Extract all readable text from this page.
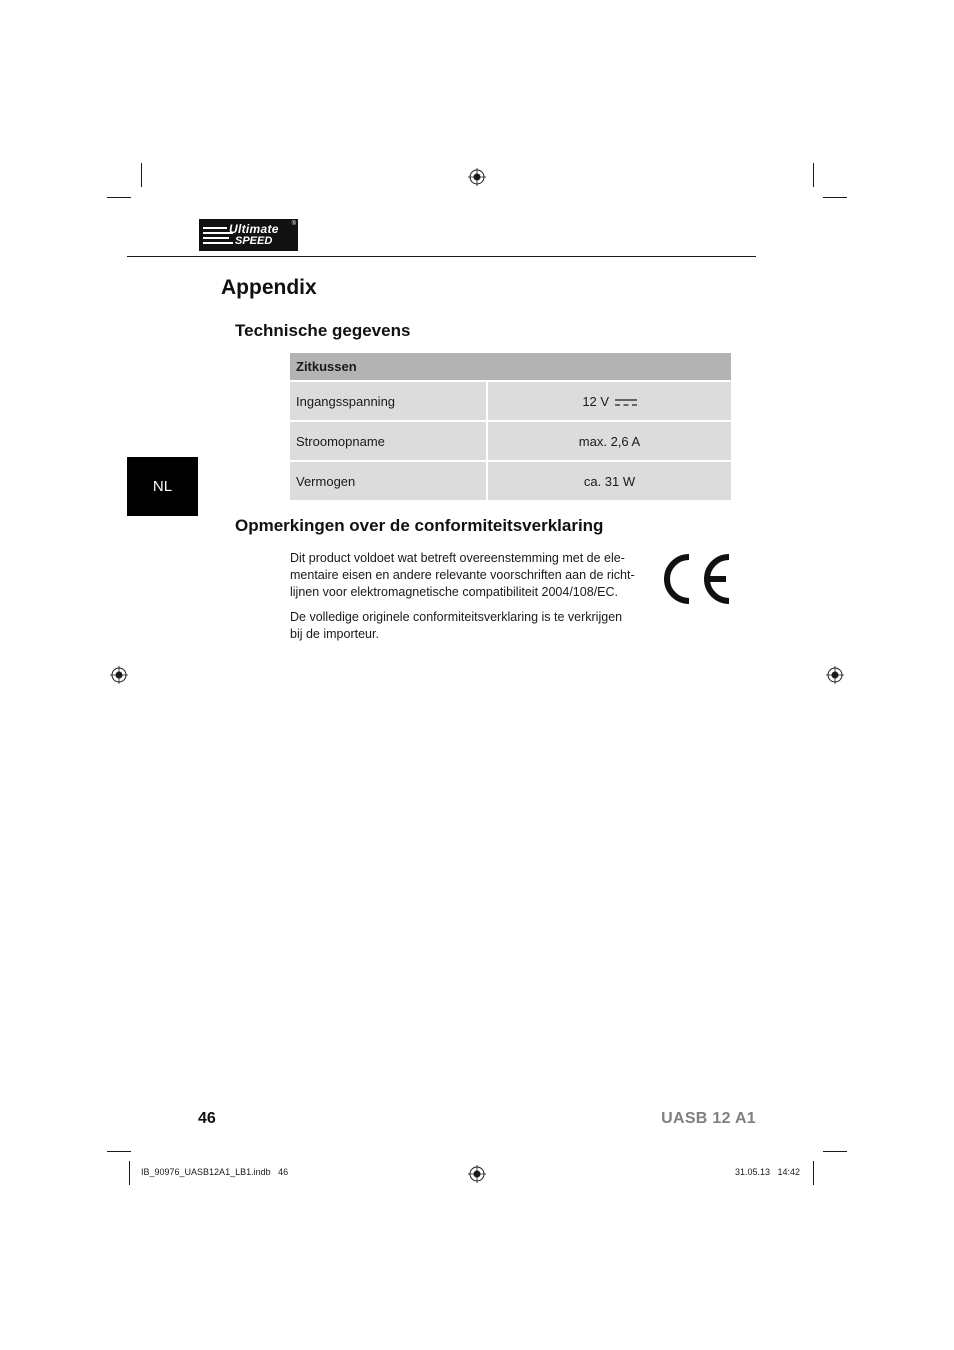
Ultimate
SPEED
®
Appendix
Technische gegevens
NL
Zitkussen	
Ingangsspanning	12 V
Stroomopname	max. 2,6 A
Vermogen	ca. 31 W
Opmerkingen over de conformiteitsverklaring

Dit product voldoet wat betreft overeenstemming met de ele-
mentaire eisen en andere relevante voorschriften aan de richt-
lijnen voor elektromagnetische compatibiliteit 2004/108/EC.

De volledige originele conformiteitsverklaring is te verkrijgen
bij de importeur.

46	UASB 12 A1
IB_90976_UASB12A1_LB1.indb   46	31.05.13   14:42
